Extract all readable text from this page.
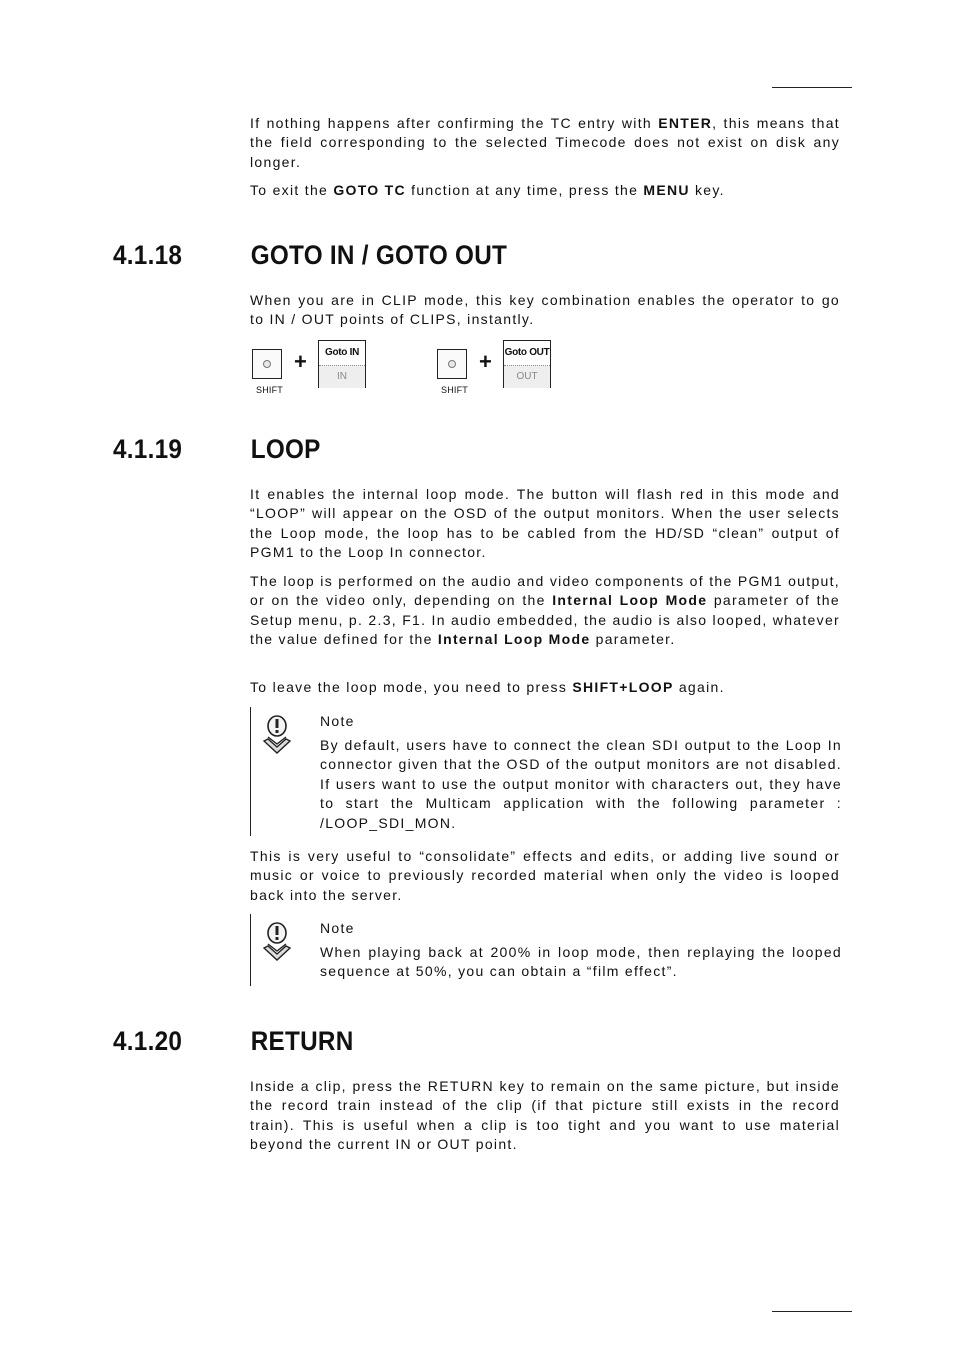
If nothing happens after confirming the TC entry with ENTER, this means that the field corresponding to the selected Timecode does not exist on disk any longer.

To exit the GOTO TC function at any time, press the MENU key.

4.1.18	GOTO IN / GOTO OUT

When you are in CLIP mode, this key combination enables the operator to go to IN / OUT points of CLIPS, instantly.

SHIFT
+	Goto IN
IN
SHIFT
+ Goto OUT
OUT
4.1.19	LOOP

It enables the internal loop mode. The button will flash red in this mode and “LOOP” will appear on the OSD of the output monitors. When the user selects the Loop mode, the loop has to be cabled from the HD/SD “clean” output of PGM1 to the Loop In connector.

The loop is performed on the audio and video components of the PGM1 output, or on the video only, depending on the Internal Loop Mode parameter of the Setup menu, p. 2.3, F1. In audio embedded, the audio is also looped, whatever the value defined for the Internal Loop Mode parameter.

To leave the loop mode, you need to press SHIFT+LOOP again.

Note

By default, users have to connect the clean SDI output to the Loop In connector given that the OSD of the output monitors are not disabled. If users want to use the output monitor with characters out, they have to start the Multicam application with the following parameter : /LOOP_SDI_MON.

This is very useful to “consolidate” effects and edits, or adding live sound or music or voice to previously recorded material when only the video is looped back into the server.

Note

When playing back at 200% in loop mode, then replaying the looped sequence at 50%, you can obtain a “film effect”.

4.1.20	RETURN

Inside a clip, press the RETURN key to remain on the same picture, but inside the record train instead of the clip (if that picture still exists in the record train). This is useful when a clip is too tight and you want to use material beyond the current IN or OUT point.
